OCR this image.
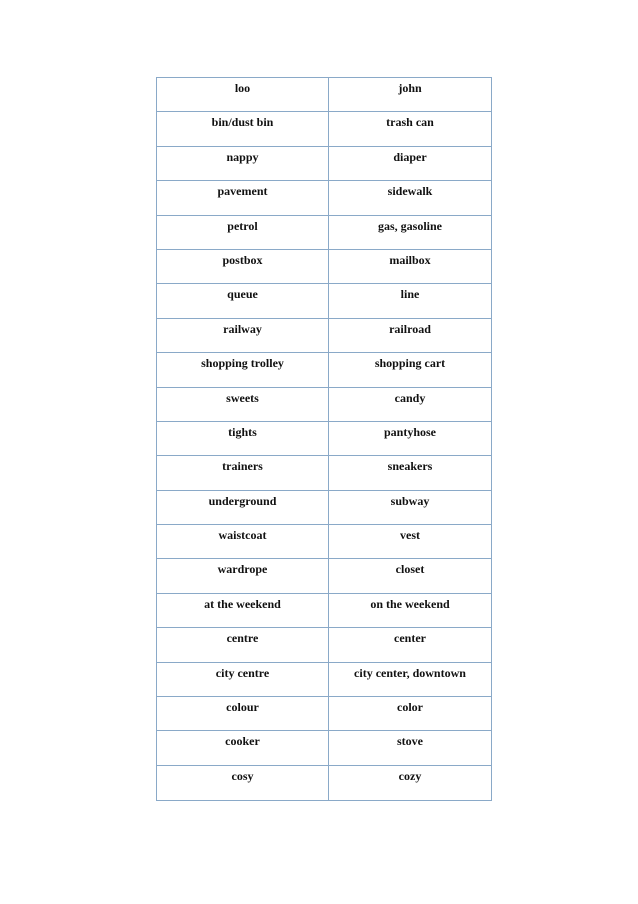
loo	john
bin/dust bin	trash can
nappy	diaper
pavement	sidewalk
petrol	gas, gasoline
postbox	mailbox
queue	line
railway	railroad
shopping trolley	shopping cart
sweets	candy
tights	pantyhose
trainers	sneakers
underground	subway
waistcoat	vest
wardrope	closet
at the weekend	on the weekend
centre	center
city centre	city center, downtown
colour	color
cooker	stove
cosy	cozy
